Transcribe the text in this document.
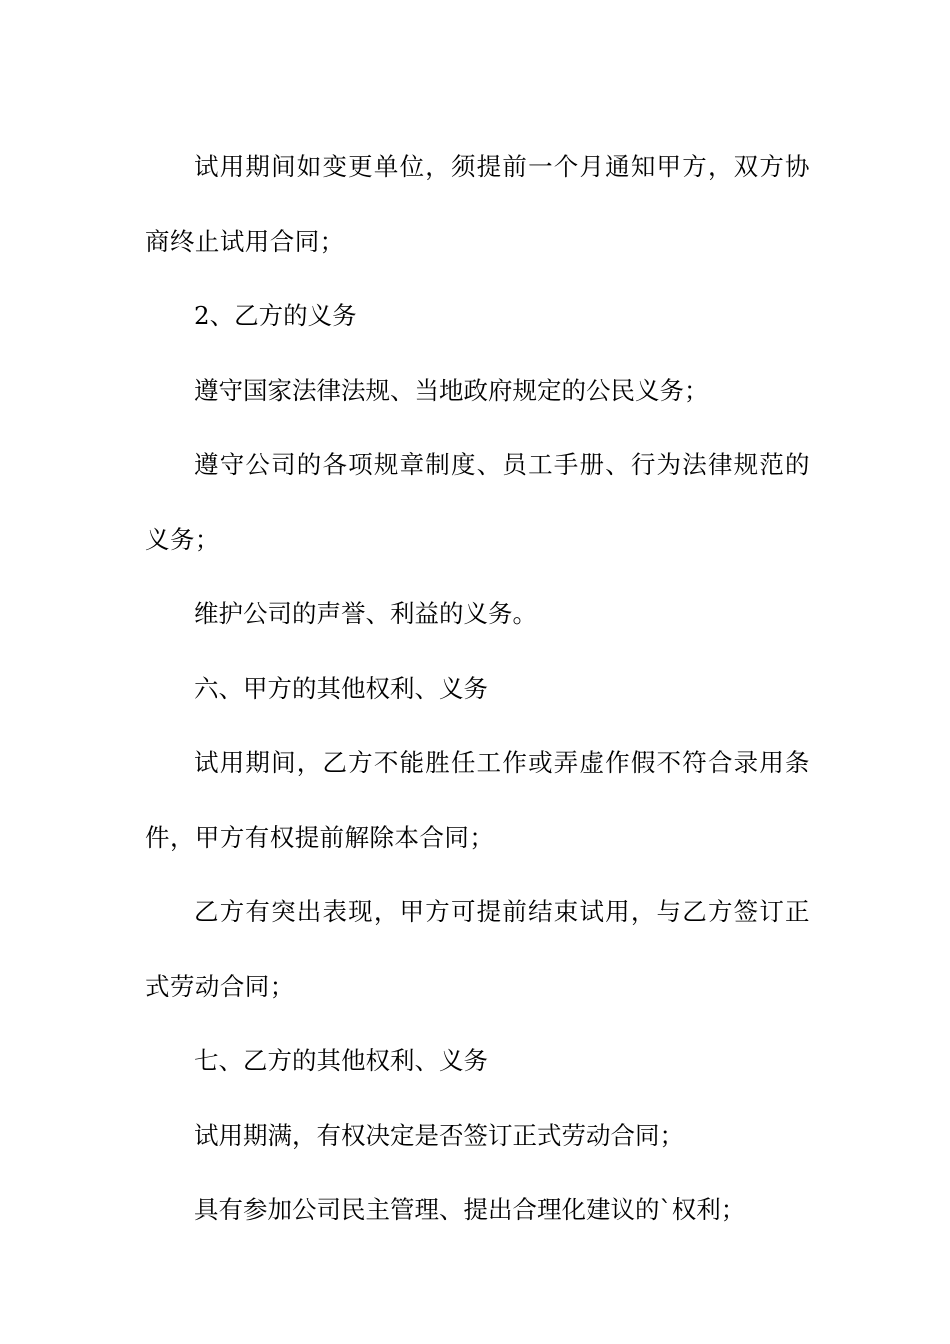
试用期间如变更单位，须提前一个月通知甲方，双方协商终止试用合同；

2、乙方的义务

遵守国家法律法规、当地政府规定的公民义务；

遵守公司的各项规章制度、员工手册、行为法律规范的义务；

维护公司的声誉、利益的义务。

六、甲方的其他权利、义务

试用期间，乙方不能胜任工作或弄虚作假不符合录用条件，甲方有权提前解除本合同；

乙方有突出表现，甲方可提前结束试用，与乙方签订正式劳动合同；

七、乙方的其他权利、义务

试用期满，有权决定是否签订正式劳动合同；

具有参加公司民主管理、提出合理化建议的`权利；
